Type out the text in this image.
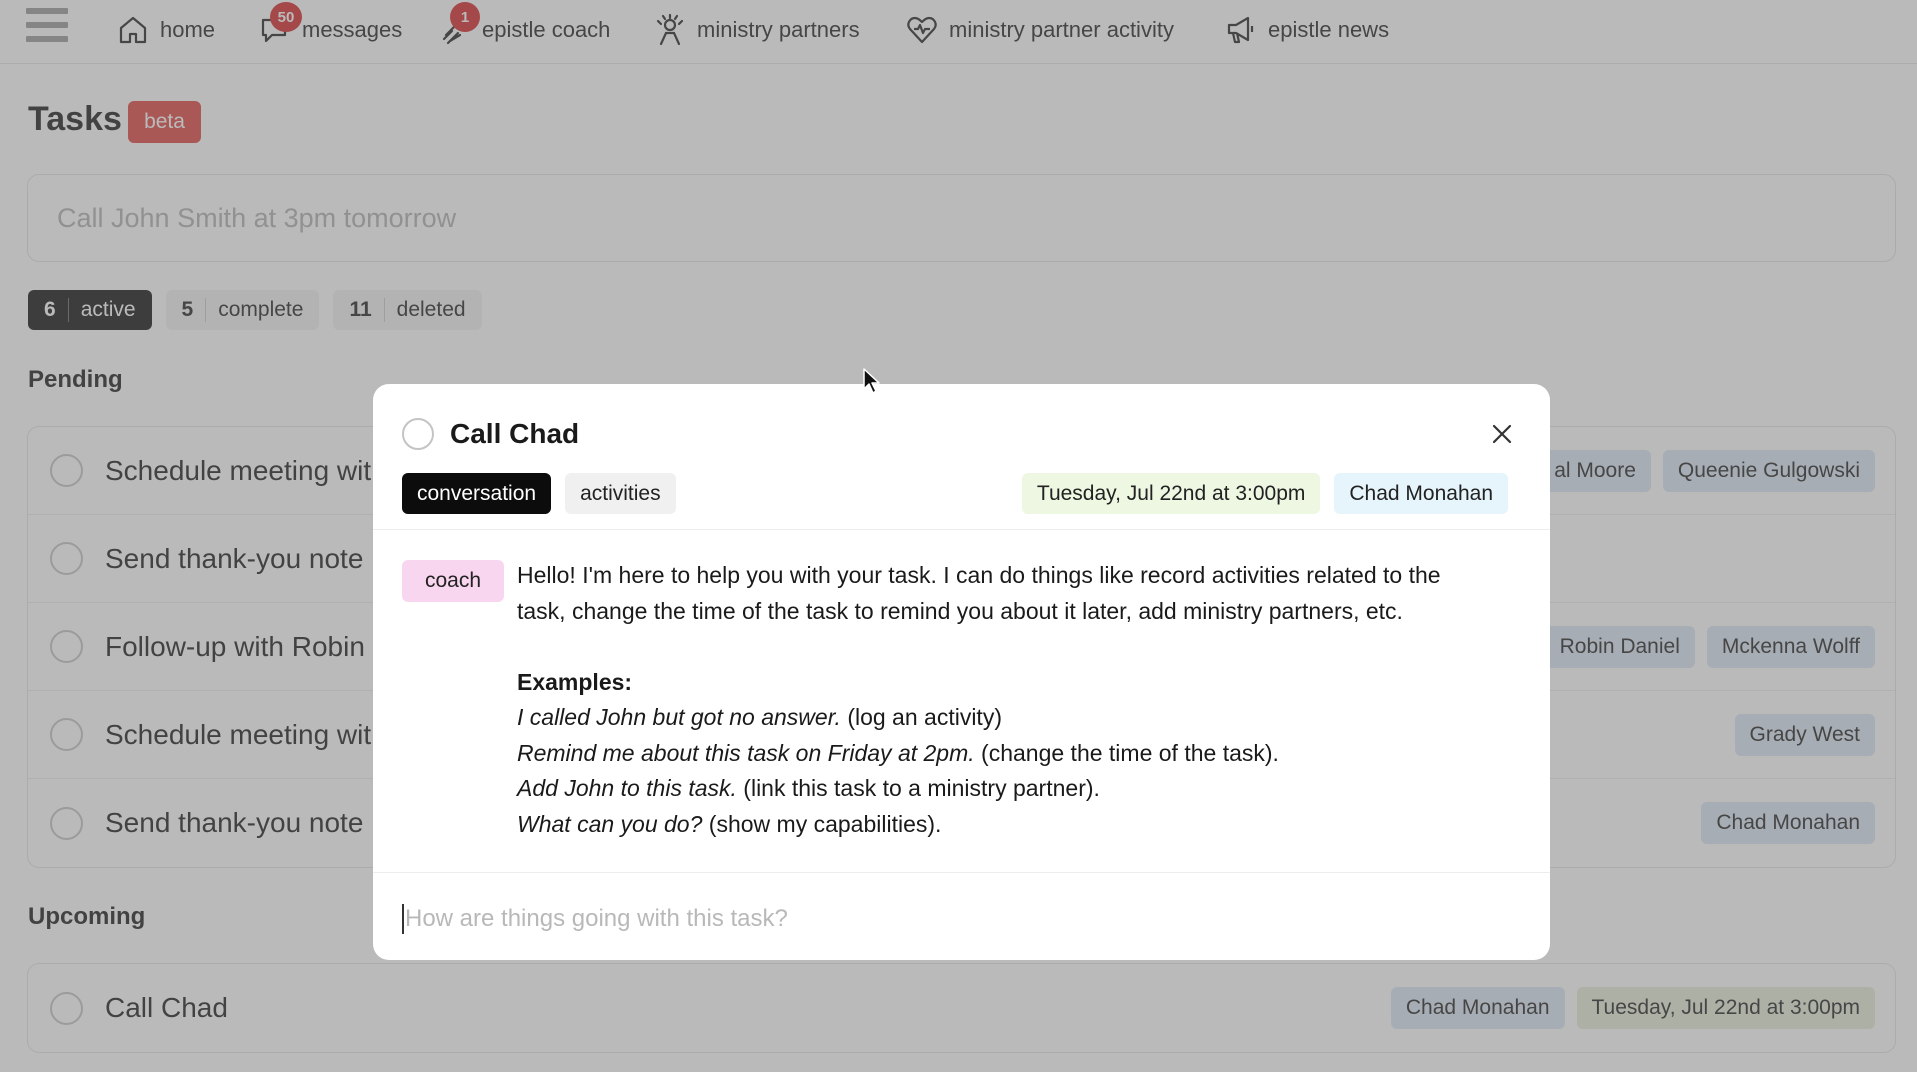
home	messages
50	epistle coach
1	ministry partners	ministry partner activity	epistle news
Tasks	beta
Call John Smith at 3pm tomorrow
6	active 5	complete 11	deleted
Pending
Schedule meeting wit	al Moore	Queenie Gulgowski
Send thank-you note
Follow-up with Robin	Robin Daniel	Mckenna Wolff
Schedule meeting wit	Grady West
Send thank-you note	Chad Monahan
Upcoming
Call Chad	Chad Monahan	Tuesday, Jul 22nd at 3:00pm
Call Chad
conversation	activities	Tuesday, Jul 22nd at 3:00pm	Chad Monahan
coach	Hello! I'm here to help you with your task. I can do things like record activities related to the

task, change the time of the task to remind you about it later, add ministry partners, etc.

Examples:

I called John but got no answer. (log an activity)

Remind me about this task on Friday at 2pm. (change the time of the task).

Add John to this task. (link this task to a ministry partner).

What can you do? (show my capabilities).

How are things going with this task?
